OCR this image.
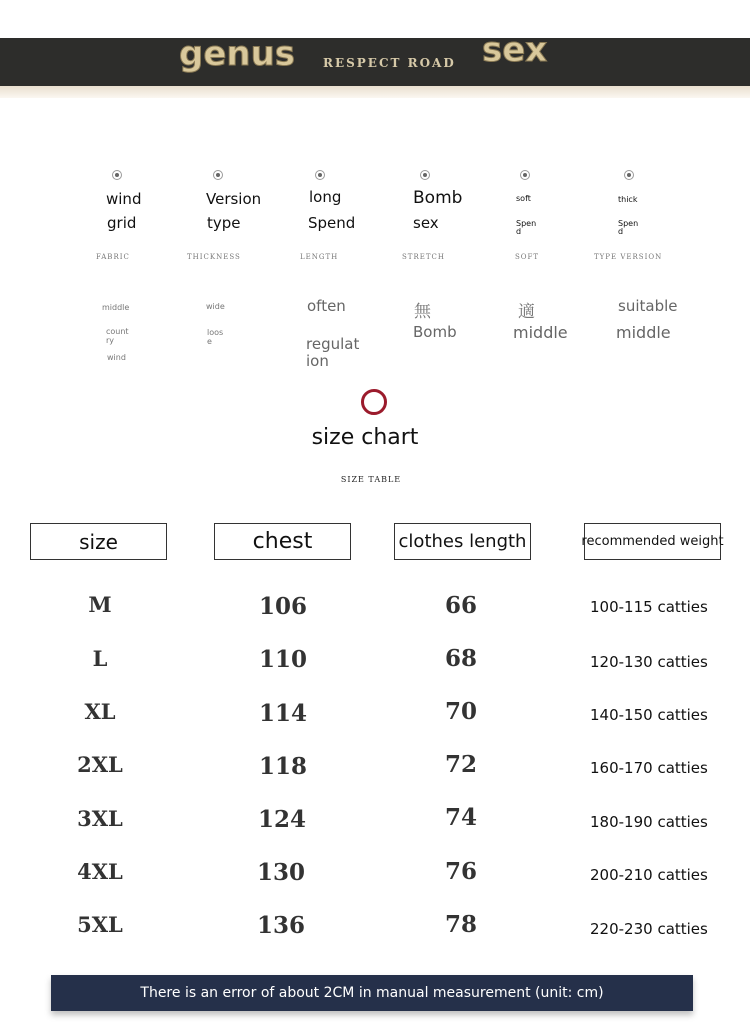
genus RESPECT ROAD sex
wind
grid
FABRIC
middle
count ry
wind
Version
type
THICKNESS
wide
loos e
long
Spend
LENGTH
often
regulat ion
Bomb
sex
STRETCH
無
Bomb
soft
Spen d
SOFT
適
middle
thick
Spen d
TYPE VERSION
suitable
middle
size chart
SIZE TABLE
size	chest	clothes length	recommended weight
M	106	66	100-115 catties
L	110	68	120-130 catties
XL	114	70	140-150 catties
2XL	118	72	160-170 catties
3XL	124	74	180-190 catties
4XL	130	76	200-210 catties
5XL	136	78	220-230 catties
There is an error of about 2CM in manual measurement (unit: cm)
